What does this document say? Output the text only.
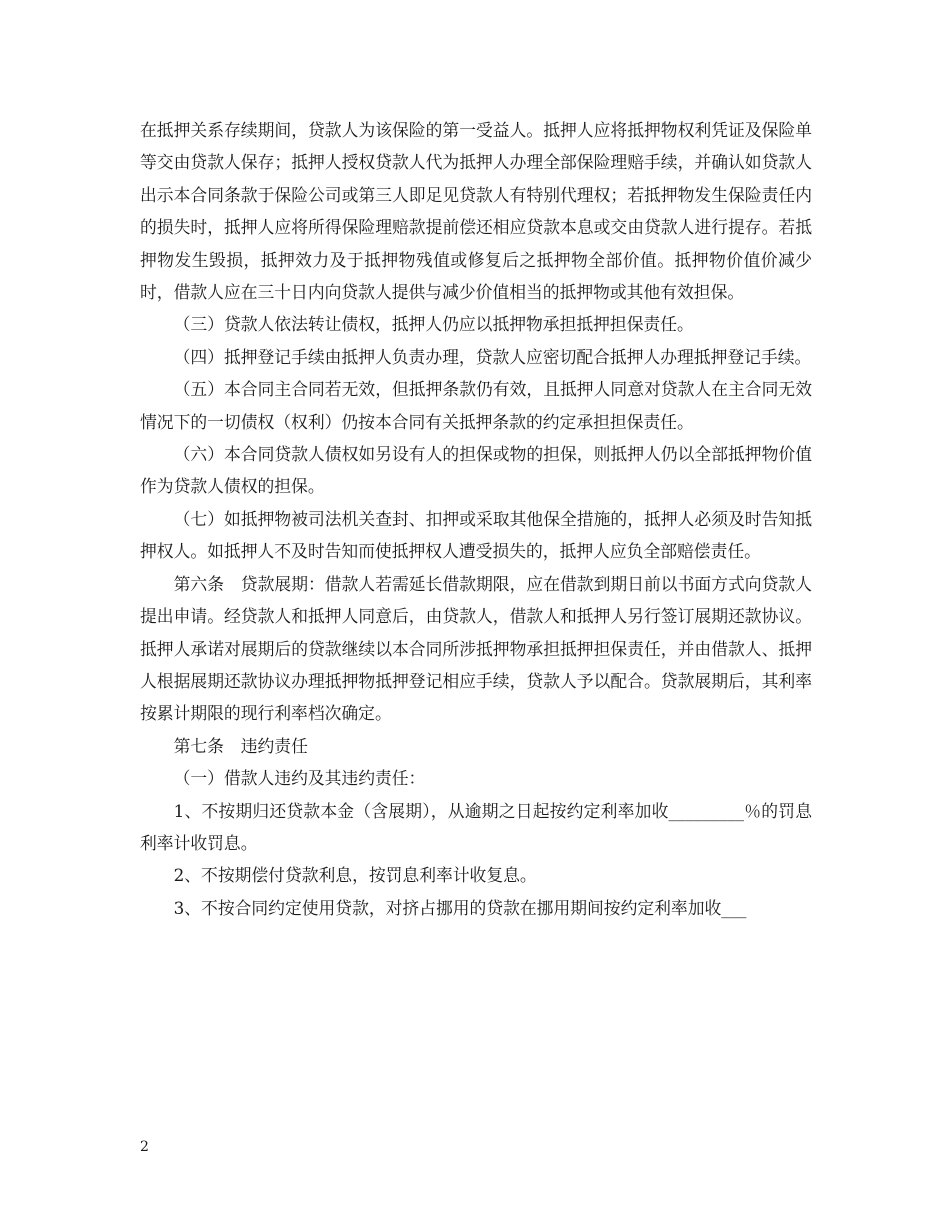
在抵押关系存续期间，贷款人为该保险的第一受益人。抵押人应将抵押物权利凭证及保险单等交由贷款人保存；抵押人授权贷款人代为抵押人办理全部保险理赔手续，并确认如贷款人出示本合同条款于保险公司或第三人即足见贷款人有特别代理权；若抵押物发生保险责任内的损失时，抵押人应将所得保险理赔款提前偿还相应贷款本息或交由贷款人进行提存。若抵押物发生毁损，抵押效力及于抵押物残值或修复后之抵押物全部价值。抵押物价值价减少时，借款人应在三十日内向贷款人提供与减少价值相当的抵押物或其他有效担保。

（三）贷款人依法转让债权，抵押人仍应以抵押物承担抵押担保责任。

（四）抵押登记手续由抵押人负责办理，贷款人应密切配合抵押人办理抵押登记手续。

（五）本合同主合同若无效，但抵押条款仍有效，且抵押人同意对贷款人在主合同无效情况下的一切债权（权利）仍按本合同有关抵押条款的约定承担担保责任。

（六）本合同贷款人债权如另设有人的担保或物的担保，则抵押人仍以全部抵押物价值作为贷款人债权的担保。

（七）如抵押物被司法机关查封、扣押或采取其他保全措施的，抵押人必须及时告知抵押权人。如抵押人不及时告知而使抵押权人遭受损失的，抵押人应负全部赔偿责任。

第六条　贷款展期：借款人若需延长借款期限，应在借款到期日前以书面方式向贷款人提出申请。经贷款人和抵押人同意后，由贷款人，借款人和抵押人另行签订展期还款协议。抵押人承诺对展期后的贷款继续以本合同所涉抵押物承担抵押担保责任，并由借款人、抵押人根据展期还款协议办理抵押物抵押登记相应手续，贷款人予以配合。贷款展期后，其利率按累计期限的现行利率档次确定。

第七条　违约责任

（一）借款人违约及其违约责任：

1、不按期归还贷款本金（含展期），从逾期之日起按约定利率加收_________％的罚息利率计收罚息。

2、不按期偿付贷款利息，按罚息利率计收复息。

3、不按合同约定使用贷款，对挤占挪用的贷款在挪用期间按约定利率加收___

2
